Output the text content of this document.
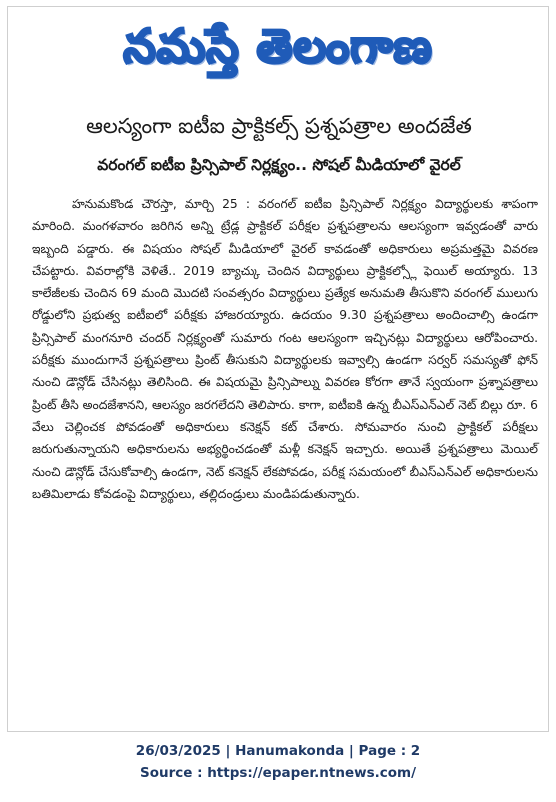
నమస్తే తెలంగాణ
ఆలస్యంగా ఐటీఐ ప్రాక్టికల్స్ ప్రశ్నపత్రాల అందజేత
వరంగల్ ఐటీఐ ప్రిన్సిపాల్ నిర్లక్ష్యం.. సోషల్ మీడియాలో వైరల్

హనుమకొండ చౌరస్తా, మార్చి 25 : వరంగల్ ఐటీఐ ప్రిన్సిపాల్ నిర్లక్ష్యం విద్యార్థులకు శాపంగా మారింది. మంగళవారం జరిగిన అన్ని ట్రేడ్ల ప్రాక్టికల్ పరీక్షల ప్రశ్నపత్రాలను ఆలస్యంగా ఇవ్వడంతో వారు ఇబ్బంది పడ్డారు. ఈ విషయం సోషల్ మీడియాలో వైరల్ కావడంతో అధికారులు అప్రమత్తమై వివరణ చేపట్టారు. వివరాల్లోకి వెళితే.. 2019 బ్యాచ్కు చెందిన విద్యార్థులు ప్రాక్టికల్స్లో ఫెయిల్ అయ్యారు. 13 కాలేజీలకు చెందిన 69 మంది మొదటి సంవత్సరం విద్యార్థులు ప్రత్యేక అనుమతి తీసుకొని వరంగల్ ములుగు రోడ్డులోని ప్రభుత్వ ఐటీఐలో పరీక్షకు హాజరయ్యారు. ఉదయం 9.30 ప్రశ్నపత్రాలు అందించాల్సి ఉండగా ప్రిన్సిపాల్ మంగనూరి చందర్ నిర్లక్ష్యంతో సుమారు గంట ఆలస్యంగా ఇచ్చినట్లు విద్యార్థులు ఆరోపించారు. పరీక్షకు ముందుగానే ప్రశ్నపత్రాలు ప్రింట్ తీసుకుని విద్యార్థులకు ఇవ్వాల్సి ఉండగా సర్వర్ సమస్యతో ఫోన్ నుంచి డౌన్లోడ్ చేసినట్లు తెలిసింది. ఈ విషయమై ప్రిన్సిపాల్ను వివరణ కోరగా తానే స్వయంగా ప్రశ్నాపత్రాలు ప్రింట్ తీసి అందజేశానని, ఆలస్యం జరగలేదని తెలిపారు. కాగా, ఐటీఐకి ఉన్న బీఎస్ఎన్ఎల్ నెట్ బిల్లు రూ. 6 వేలు చెల్లించక పోవడంతో అధికారులు కనెక్షన్ కట్ చేశారు. సోమవారం నుంచి ప్రాక్టికల్ పరీక్షలు జరుగుతున్నాయని అధికారులను అభ్యర్థించడంతో మళ్లీ కనెక్షన్ ఇచ్చారు. అయితే ప్రశ్నపత్రాలు మెయిల్ నుంచి డౌన్లోడ్ చేసుకోవాల్సి ఉండగా, నెట్ కనెక్షన్ లేకపోవడం, పరీక్ష సమయంలో బీఎస్ఎన్ఎల్ అధికారులను బతిమిలాడు కోవడంపై విద్యార్థులు, తల్లిదండ్రులు మండిపడుతున్నారు.

26/03/2025 | Hanumakonda | Page : 2
Source : https://epaper.ntnews.com/
